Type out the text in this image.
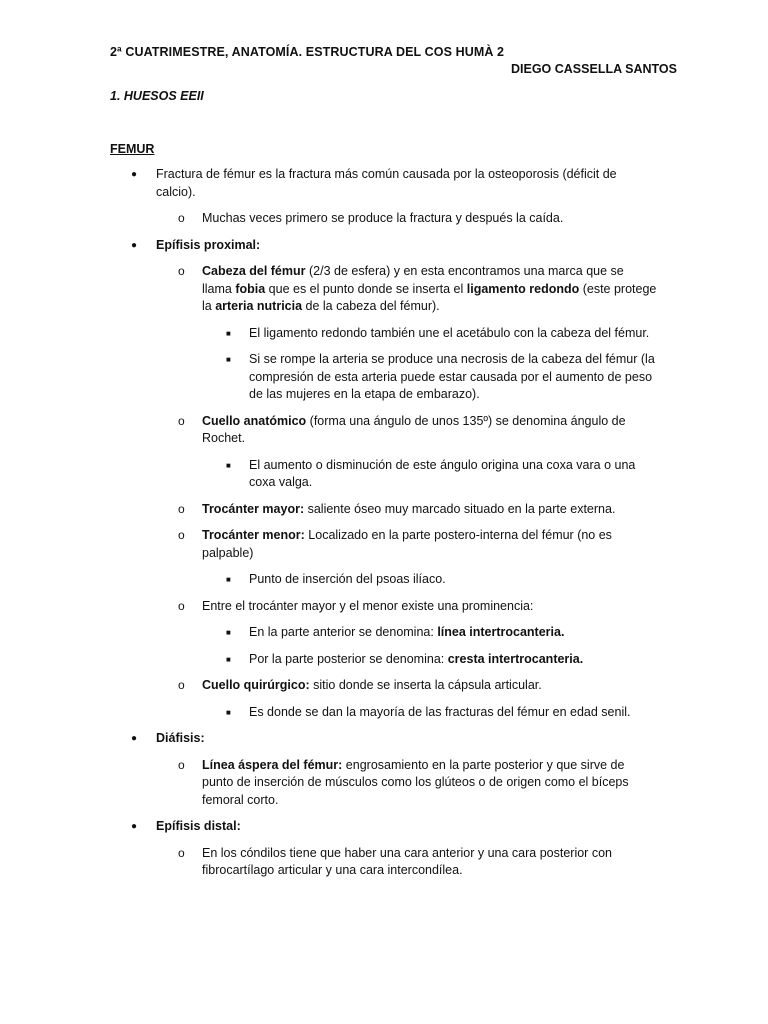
2ª CUATRIMESTRE, ANATOMÍA. ESTRUCTURA DEL COS HUMÀ 2
DIEGO CASSELLA SANTOS
1. HUESOS EEII
FEMUR
● Fractura de fémur es la fractura más común causada por la osteoporosis (déficit de calcio).
o Muchas veces primero se produce la fractura y después la caída.
● Epífisis proximal:
o Cabeza del fémur (2/3 de esfera) y en esta encontramos una marca que se llama fobia que es el punto donde se inserta el ligamento redondo (este protege la arteria nutricia de la cabeza del fémur).
■ El ligamento redondo también une el acetábulo con la cabeza del fémur.
■ Si se rompe la arteria se produce una necrosis de la cabeza del fémur (la compresión de esta arteria puede estar causada por el aumento de peso de las mujeres en la etapa de embarazo).
o Cuello anatómico (forma una ángulo de unos 135º) se denomina ángulo de Rochet.
■ El aumento o disminución de este ángulo origina una coxa vara o una coxa valga.
o Trocánter mayor: saliente óseo muy marcado situado en la parte externa.
o Trocánter menor: Localizado en la parte postero-interna del fémur (no es palpable)
■ Punto de inserción del psoas ilíaco.
o Entre el trocánter mayor y el menor existe una prominencia:
■ En la parte anterior se denomina: línea intertrocanteria.
■ Por la parte posterior se denomina: cresta intertrocanteria.
o Cuello quirúrgico: sitio donde se inserta la cápsula articular.
■ Es donde se dan la mayoría de las fracturas del fémur en edad senil.
● Diáfisis:
o Línea áspera del fémur: engrosamiento en la parte posterior y que sirve de punto de inserción de músculos como los glúteos o de origen como el bíceps femoral corto.
● Epífisis distal:
o En los cóndilos tiene que haber una cara anterior y una cara posterior con fibrocartílago articular y una cara intercondílea.
